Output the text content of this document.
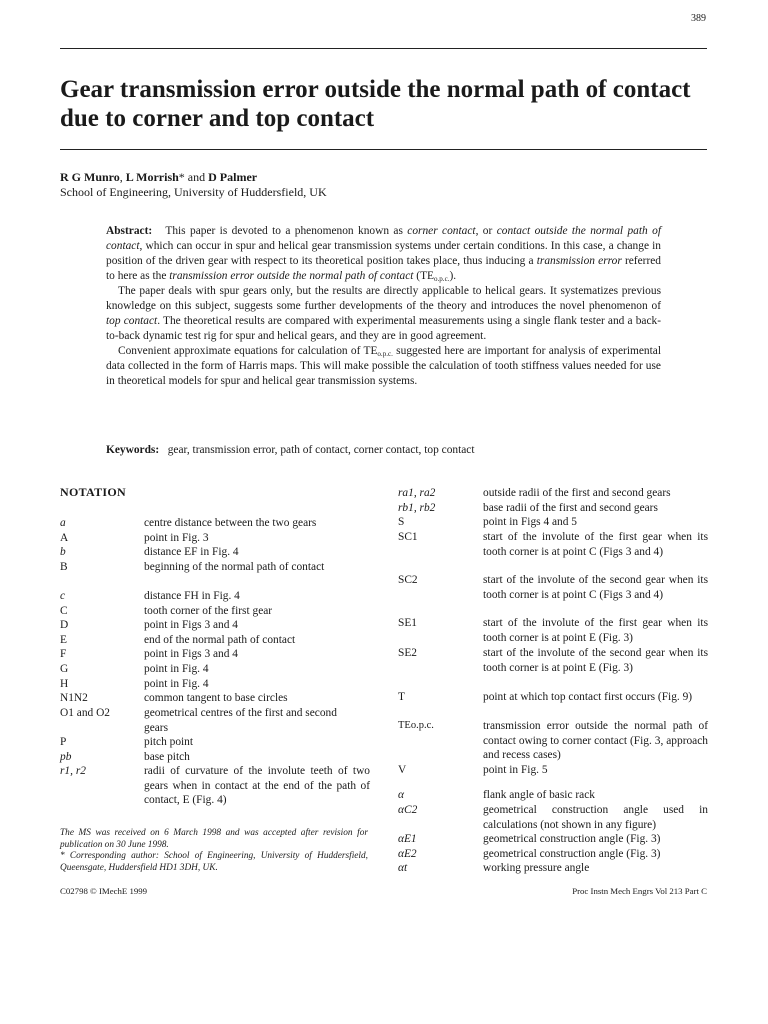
389
Gear transmission error outside the normal path of contact due to corner and top contact
R G Munro, L Morrish* and D Palmer
School of Engineering, University of Huddersfield, UK

Abstract: This paper is devoted to a phenomenon known as corner contact, or contact outside the normal path of contact, which can occur in spur and helical gear transmission systems under certain conditions. In this case, a change in position of the driven gear with respect to its theoretical position takes place, thus inducing a transmission error referred to here as the transmission error outside the normal path of contact $(TE_{o.p.c.})$.

The paper deals with spur gears only, but the results are directly applicable to helical gears. It systematizes previous knowledge on this subject, suggests some further developments of the theory and introduces the novel phenomenon of top contact. The theoretical results are compared with experimental measurements using a single flank tester and a back-to-back dynamic test rig for spur and helical gears, and they are in good agreement.

Convenient approximate equations for calculation of $TE_{o.p.c.}$ suggested here are important for analysis of experimental data collected in the form of Harris maps. This will make possible the calculation of tooth stiffness values needed for use in theoretical models for spur and helical gear transmission systems.

Keywords: gear, transmission error, path of contact, corner contact, top contact
NOTATION
a	centre distance between the two gears
A	point in Fig. 3
b	distance EF in Fig. 4
B	beginning of the normal path of contact
c	distance FH in Fig. 4
C	tooth corner of the first gear
D	point in Figs 3 and 4
E	end of the normal path of contact
F	point in Figs 3 and 4
G	point in Fig. 4
H	point in Fig. 4
N1N2	common tangent to base circles
O1 and O2	geometrical centres of the first and second gears
P	pitch point
pb	base pitch
r1, r2	radii of curvature of the involute teeth of two gears when in contact at the end of the path of contact, E (Fig. 4)
ra1, ra2	outside radii of the first and second gears
rb1, rb2	base radii of the first and second gears
S	point in Figs 4 and 5
SC1	start of the involute of the first gear when its tooth corner is at point C (Figs 3 and 4)
SC2	start of the involute of the second gear when its tooth corner is at point C (Figs 3 and 4)
SE1	start of the involute of the first gear when its tooth corner is at point E (Fig. 3)
SE2	start of the involute of the second gear when its tooth corner is at point E (Fig. 3)
T	point at which top contact first occurs (Fig. 9)
TEo.p.c.	transmission error outside the normal path of contact owing to corner contact (Fig. 3, approach and recess cases)
V	point in Fig. 5
α	flank angle of basic rack
αC2	geometrical construction angle used in calculations (not shown in any figure)
αE1	geometrical construction angle (Fig. 3)
αE2	geometrical construction angle (Fig. 3)
αt	working pressure angle

The MS was received on 6 March 1998 and was accepted after revision for publication on 30 June 1998.

* Corresponding author: School of Engineering, University of Huddersfield, Queensgate, Huddersfield HD1 3DH, UK.

C02798 © IMechE 1999	Proc Instn Mech Engrs Vol 213 Part C
